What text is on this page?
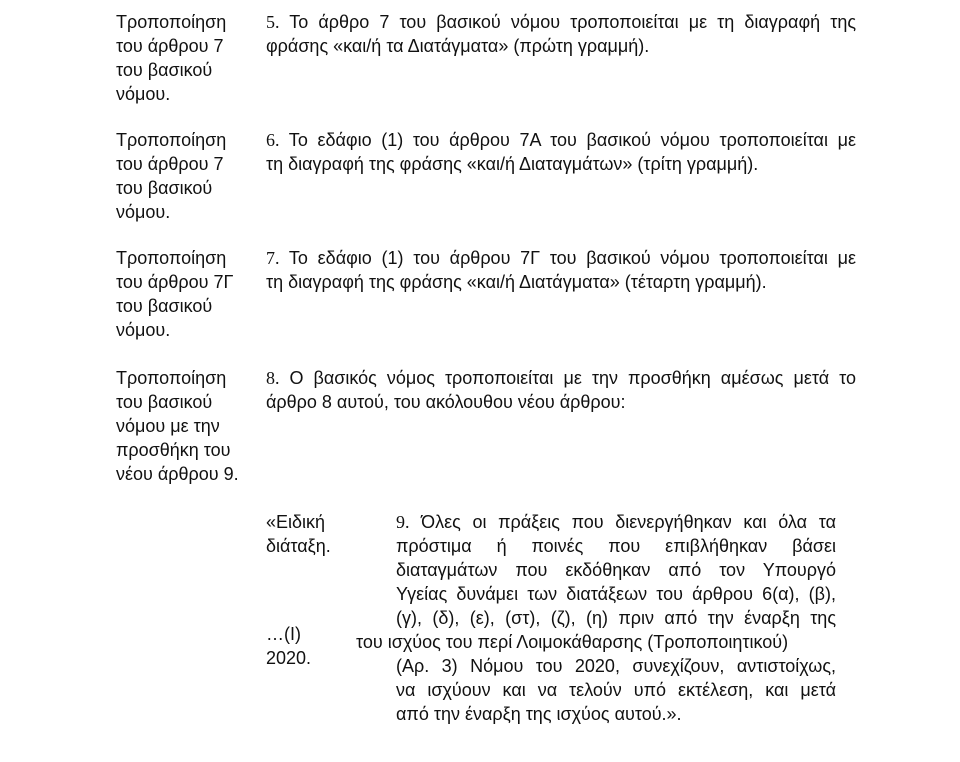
Τροποποίηση
του άρθρου 7
του βασικού
νόμου.
5. Το άρθρο 7 του βασικού νόμου τροποποιείται με τη διαγραφή της
φράσης «και/ή τα Διατάγματα» (πρώτη γραμμή).
Τροποποίηση
του άρθρου 7
του βασικού
νόμου.
6. Το εδάφιο (1) του άρθρου 7Α του βασικού νόμου τροποποιείται με
τη διαγραφή της φράσης «και/ή Διαταγμάτων» (τρίτη γραμμή).
Τροποποίηση
του άρθρου 7Γ
του βασικού
νόμου.
7. Το εδάφιο (1) του άρθρου 7Γ του βασικού νόμου τροποποιείται με
τη διαγραφή της φράσης «και/ή Διατάγματα» (τέταρτη γραμμή).
Τροποποίηση
του βασικού
νόμου με την
προσθήκη του
νέου άρθρου 9.
8. Ο βασικός νόμος τροποποιείται με την προσθήκη αμέσως μετά το
άρθρο 8 αυτού, του ακόλουθου νέου άρθρου:
«Ειδική
διάταξη.
…(Ι)
2020.
9. Όλες οι πράξεις που διενεργήθηκαν και όλα τα
πρόστιμα ή ποινές που επιβλήθηκαν βάσει
διαταγμάτων που εκδόθηκαν από τον Υπουργό
Υγείας δυνάμει των διατάξεων του άρθρου 6(α), (β),
(γ), (δ), (ε), (στ), (ζ), (η) πριν από την έναρξη της
του ισχύος του περί Λοιμοκάθαρσης (Τροποποιητικού)
(Αρ. 3) Νόμου του 2020, συνεχίζουν, αντιστοίχως,
να ισχύουν και να τελούν υπό εκτέλεση, και μετά
από την έναρξη της ισχύος αυτού.».
